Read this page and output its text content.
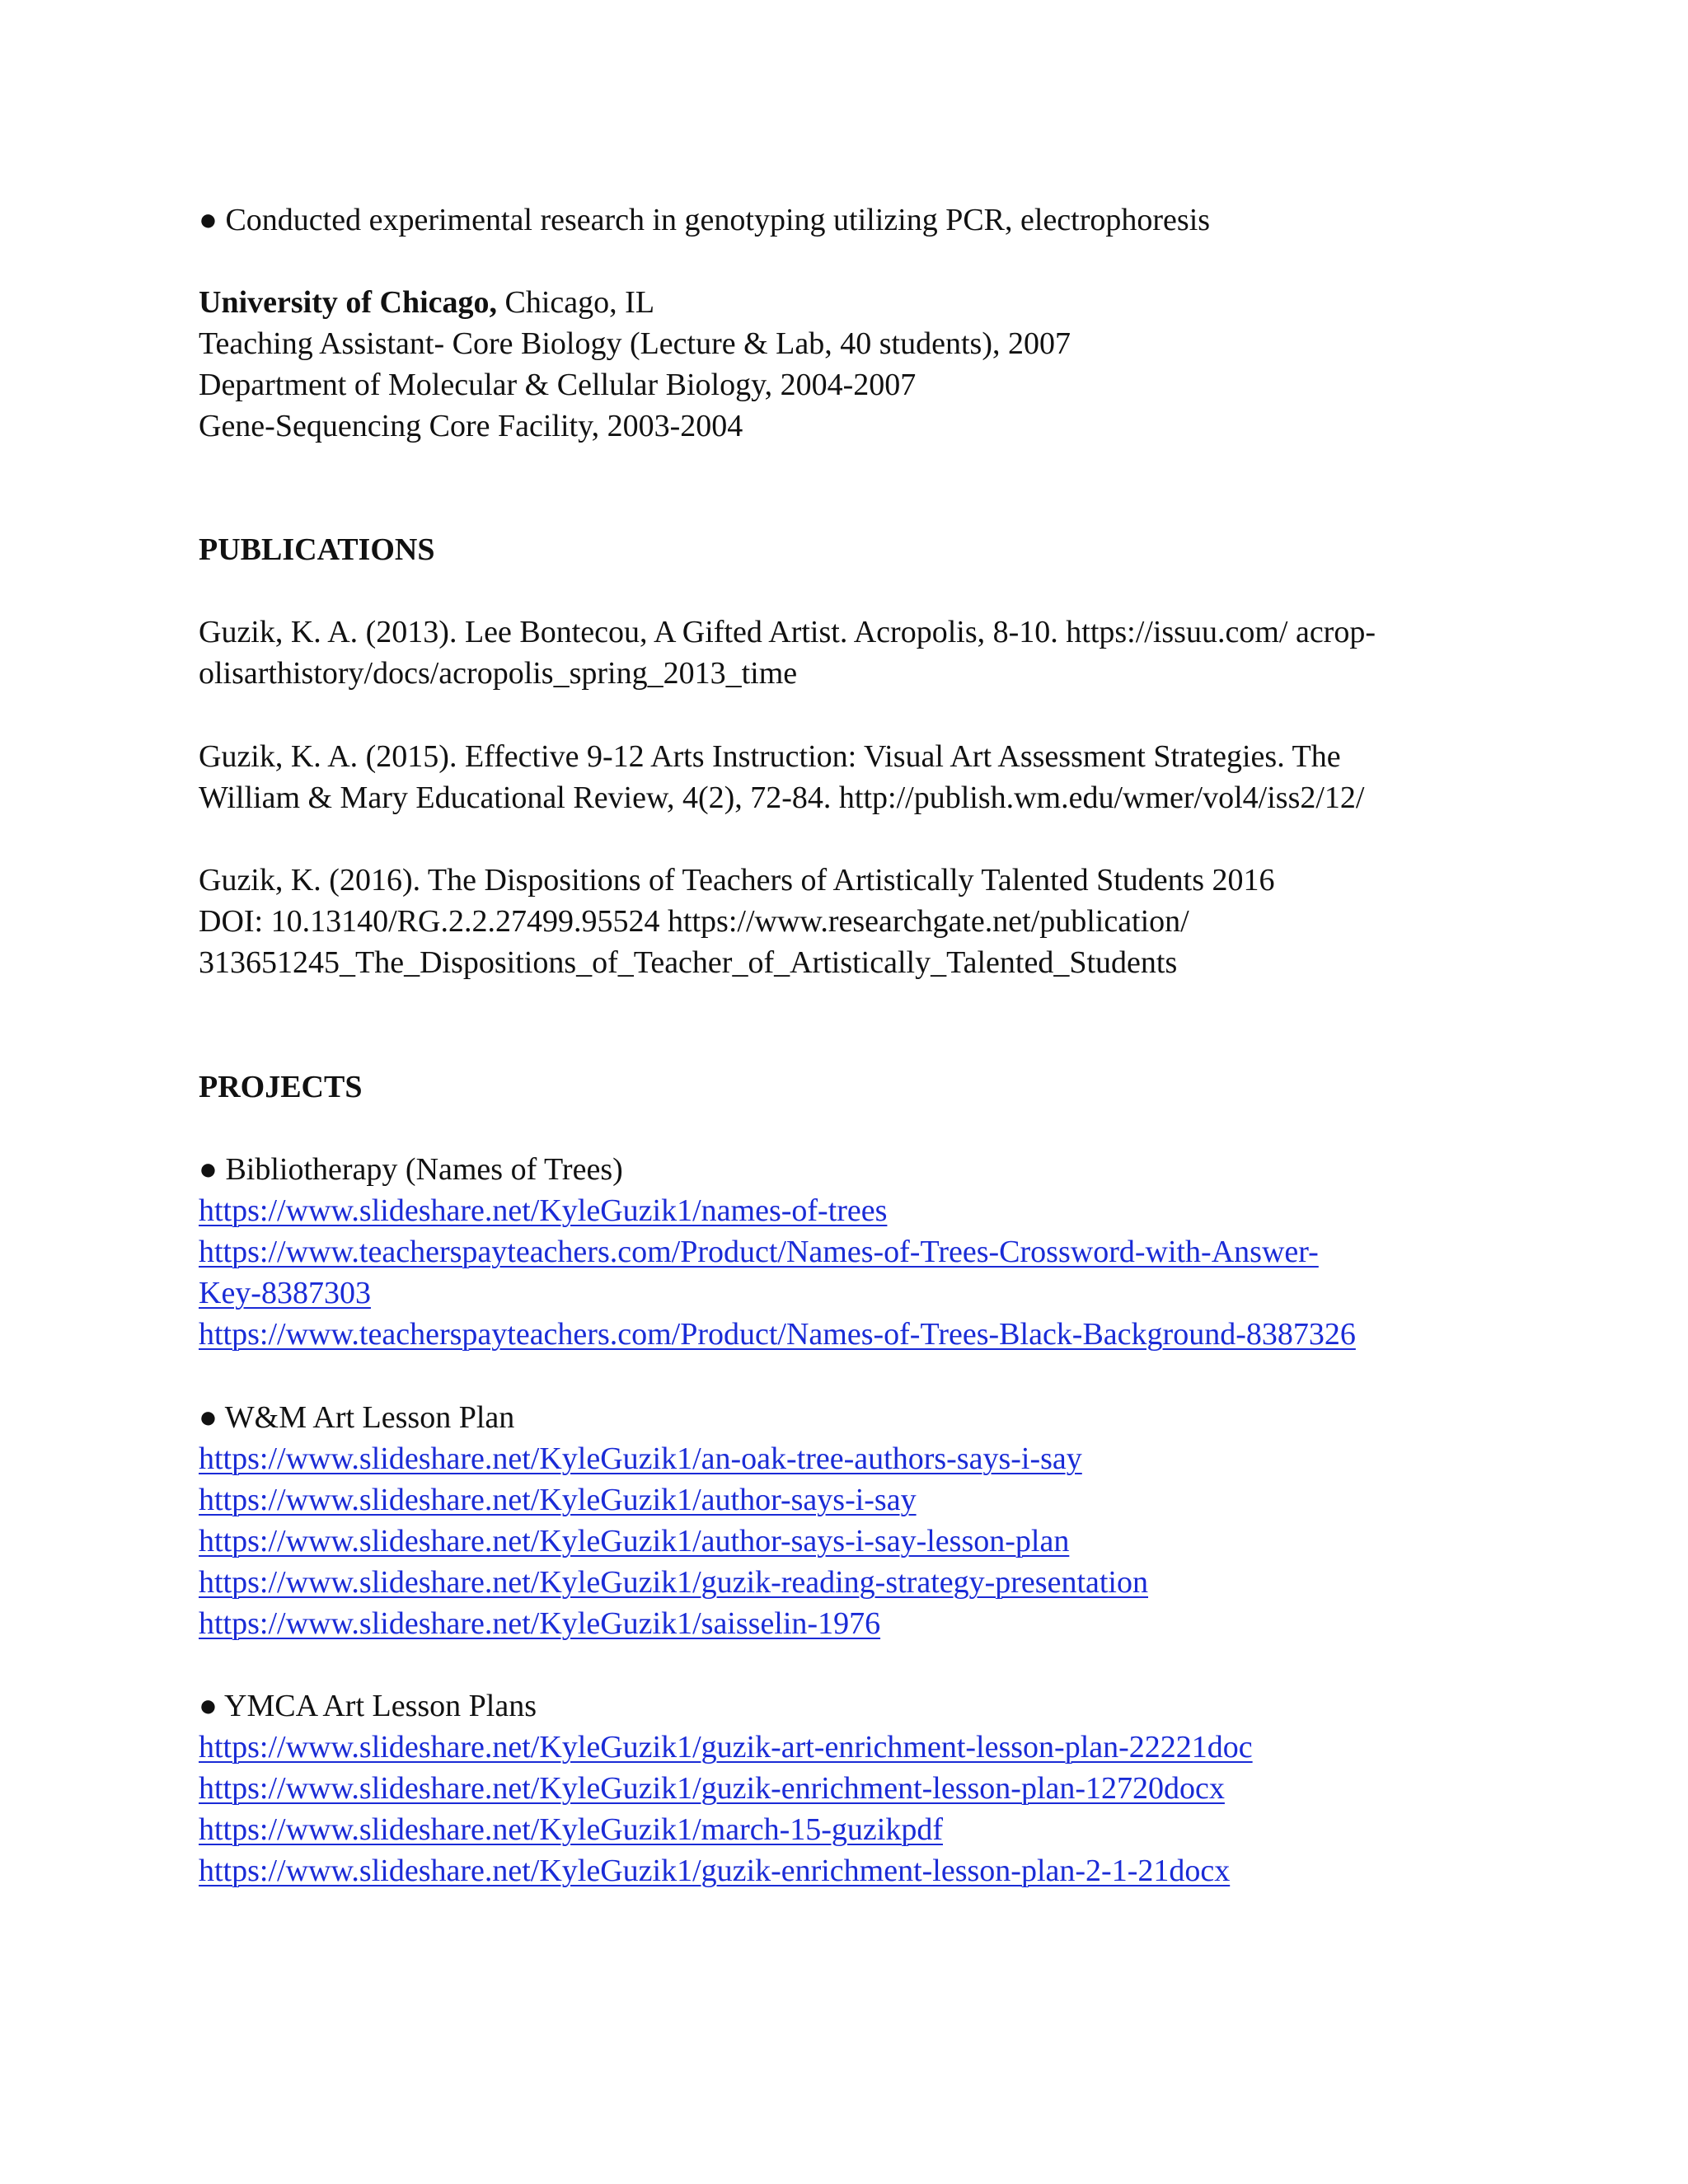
● Conducted experimental research in genotyping utilizing PCR, electrophoresis
University of Chicago, Chicago, IL
Teaching Assistant- Core Biology (Lecture & Lab, 40 students), 2007
Department of Molecular & Cellular Biology, 2004-2007
Gene-Sequencing Core Facility, 2003-2004
PUBLICATIONS
Guzik, K. A. (2013). Lee Bontecou, A Gifted Artist. Acropolis, 8-10. https://issuu.com/ acrop-
olisarthistory/docs/acropolis_spring_2013_time
Guzik, K. A. (2015). Effective 9-12 Arts Instruction: Visual Art Assessment Strategies. The
William & Mary Educational Review, 4(2), 72-84. http://publish.wm.edu/wmer/vol4/iss2/12/
Guzik, K. (2016). The Dispositions of Teachers of Artistically Talented Students 2016
DOI: 10.13140/RG.2.2.27499.95524 https://www.researchgate.net/publication/
313651245_The_Dispositions_of_Teacher_of_Artistically_Talented_Students
PROJECTS
● Bibliotherapy (Names of Trees)
https://www.slideshare.net/KyleGuzik1/names-of-trees
https://www.teacherspayteachers.com/Product/Names-of-Trees-Crossword-with-Answer-
Key-8387303
https://www.teacherspayteachers.com/Product/Names-of-Trees-Black-Background-8387326
● W&M Art Lesson Plan
https://www.slideshare.net/KyleGuzik1/an-oak-tree-authors-says-i-say
https://www.slideshare.net/KyleGuzik1/author-says-i-say
https://www.slideshare.net/KyleGuzik1/author-says-i-say-lesson-plan
https://www.slideshare.net/KyleGuzik1/guzik-reading-strategy-presentation
https://www.slideshare.net/KyleGuzik1/saisselin-1976
● YMCA Art Lesson Plans
https://www.slideshare.net/KyleGuzik1/guzik-art-enrichment-lesson-plan-22221doc
https://www.slideshare.net/KyleGuzik1/guzik-enrichment-lesson-plan-12720docx
https://www.slideshare.net/KyleGuzik1/march-15-guzikpdf
https://www.slideshare.net/KyleGuzik1/guzik-enrichment-lesson-plan-2-1-21docx
